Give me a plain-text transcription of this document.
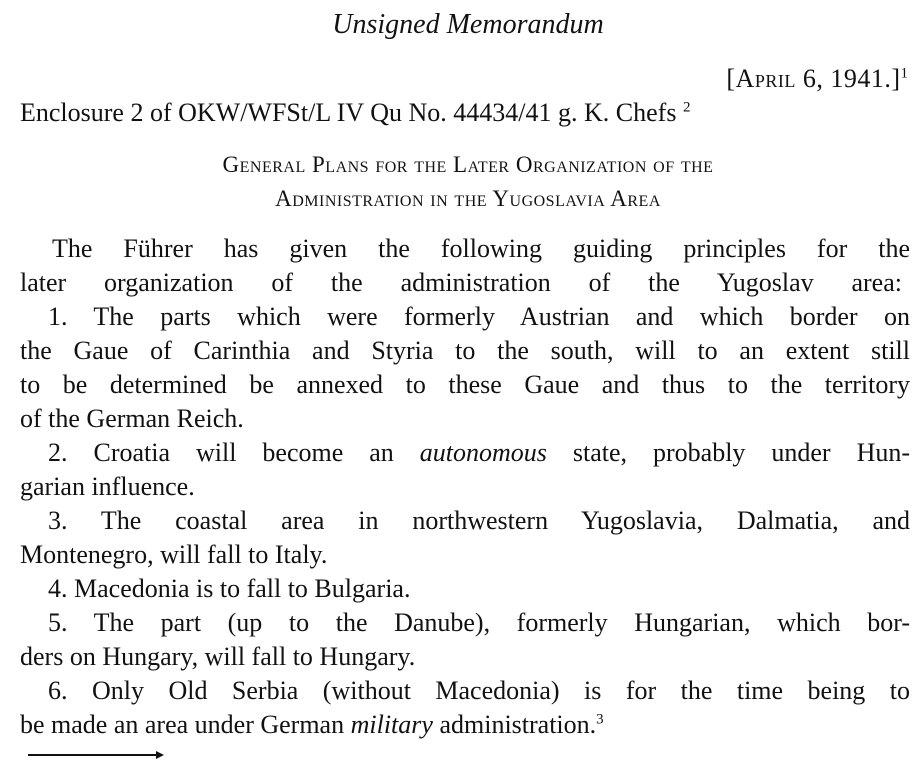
Unsigned Memorandum
[April 6, 1941.]$^1$
Enclosure 2 of OKW/WFSt/L IV Qu No. 44434/41 g. K. Chefs $^2$
General Plans for the Later Organization of the
Administration in the Yugoslavia Area
The Führer has given the following guiding principles for the
later organization of the administration of the Yugoslav area:
1. The parts which were formerly Austrian and which border on
the Gaue of Carinthia and Styria to the south, will to an extent still
to be determined be annexed to these Gaue and thus to the territory
of the German Reich.
2. Croatia will become an autonomous state, probably under Hun-
garian influence.
3. The coastal area in northwestern Yugoslavia, Dalmatia, and
Montenegro, will fall to Italy.
4. Macedonia is to fall to Bulgaria.
5. The part (up to the Danube), formerly Hungarian, which bor-
ders on Hungary, will fall to Hungary.
6. Only Old Serbia (without Macedonia) is for the time being to
be made an area under German military administration.$^3$
